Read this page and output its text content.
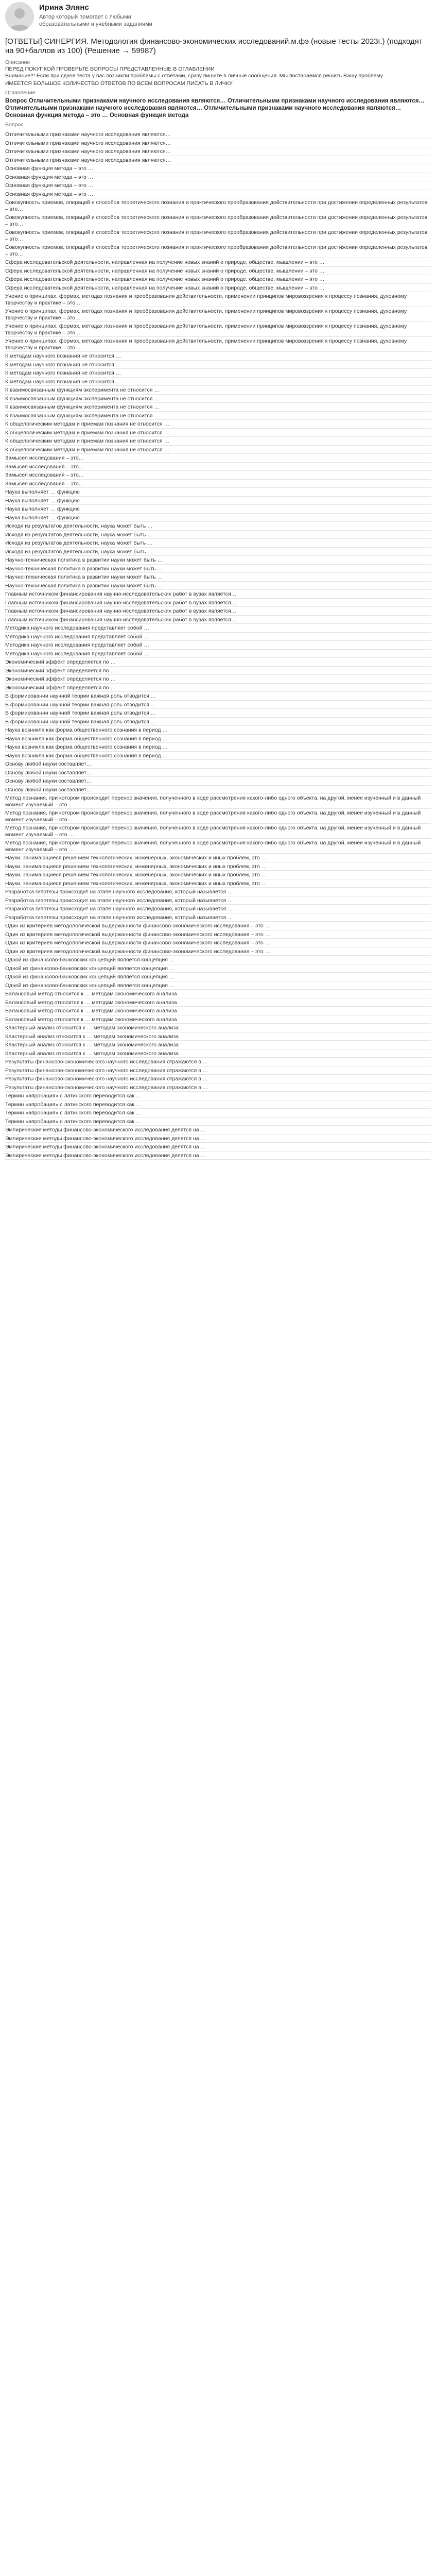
Ирина Элянс
Автор который помогает с любыми образовательными и учебными заданиями
[ОТВЕТЫ] СИНЕРГИЯ. Методология финансово-экономических исследований.м.фэ (новые тесты 2023г.) (подходят на 90+баллов из 100) (Решение → 59987)
Описание
ПЕРЕД ПОКУПКОЙ ПРОВЕРЬТЕ ВОПРОСЫ ПРЕДСТАВЛЕННЫЕ В ОГЛАВЛЕНИИ
Внимание!!! Если при сдаче теста у вас возникли проблемы с ответами, сразу пишите в личные сообщения. Мы постараемся решить Вашу проблему.
ИМЕЕТСЯ БОЛЬШОЕ КОЛИЧЕСТВО ОТВЕТОВ ПО ВСЕМ ВОПРОСАМ ПИСАТЬ В ЛИЧКУ
Оглавление
Вопрос Отличительными признаками научного исследования являются… Отличительными признаками научного исследования являются… Отличительными признаками научного исследования являются… Отличительными признаками научного исследования являются… Основная функция метода – это … Основная функция метода
Вопрос
Отличительными признаками научного исследования являются…
Отличительными признаками научного исследования являются…
Отличительными признаками научного исследования являются…
Отличительными признаками научного исследования являются…
Основная функция метода – это …
Основная функция метода – это …
Основная функция метода – это …
Основная функция метода – это …
Совокупность приемов, операций и способов теоретического познания и практического преобразования действительности при достижении определенных результатов – это…
Совокупность приемов, операций и способов теоретического познания и практического преобразования действительности при достижении определенных результатов – это…
Совокупность приемов, операций и способов теоретического познания и практического преобразования действительности при достижении определенных результатов – это…
Совокупность приемов, операций и способов теоретического познания и практического преобразования действительности при достижении определенных результатов – это…
Сфера исследовательской деятельности, направленная на получение новых знаний о природе, обществе, мышлении – это …
Сфера исследовательской деятельности, направленная на получение новых знаний о природе, обществе, мышлении – это …
Сфера исследовательской деятельности, направленная на получение новых знаний о природе, обществе, мышлении – это …
Сфера исследовательской деятельности, направленная на получение новых знаний о природе, обществе, мышлении – это …
Учение о принципах, формах, методах познания и преобразования действительности, применении принципов мировоззрения к процессу познания, духовному творчеству и практике – это …
Учение о принципах, формах, методах познания и преобразования действительности, применении принципов мировоззрения к процессу познания, духовному творчеству и практике – это …
Учение о принципах, формах, методах познания и преобразования действительности, применении принципов мировоззрения к процессу познания, духовному творчеству и практике – это …
Учение о принципах, формах, методах познания и преобразования действительности, применении принципов мировоззрения к процессу познания, духовному творчеству и практике – это …
К методам научного познания не относится …
К методам научного познания не относится …
К методам научного познания не относится …
К методам научного познания не относится …
К взаимосвязанным функциям эксперимента не относится …
К взаимосвязанным функциям эксперимента не относится …
К взаимосвязанным функциям эксперимента не относится …
К взаимосвязанным функциям эксперимента не относится …
К общелогическим методам и приемам познания не относится …
К общелогическим методам и приемам познания не относится …
К общелогическим методам и приемам познания не относится …
К общелогическим методам и приемам познания не относится …
Замысел исследования – это…
Замысел исследования – это…
Замысел исследования – это…
Замысел исследования – это…
Наука выполняет … функцию
Наука выполняет … функцию
Наука выполняет … функцию
Наука выполняет … функцию
Исходя из результатов деятельности, наука может быть …
Исходя из результатов деятельности, наука может быть …
Исходя из результатов деятельности, наука может быть …
Исходя из результатов деятельности, наука может быть …
Научно-техническая политика в развитии науки может быть …
Научно-техническая политика в развитии науки может быть …
Научно-техническая политика в развитии науки может быть …
Научно-техническая политика в развитии науки может быть …
Главным источником финансирования научно-исследовательских работ в вузах является…
Главным источником финансирования научно-исследовательских работ в вузах является…
Главным источником финансирования научно-исследовательских работ в вузах является…
Главным источником финансирования научно-исследовательских работ в вузах является…
Методика научного исследования представляет собой …
Методика научного исследования представляет собой …
Методика научного исследования представляет собой …
Методика научного исследования представляет собой …
Экономический эффект определяется по …
Экономический эффект определяется по …
Экономический эффект определяется по …
Экономический эффект определяется по …
В формировании научной теории важная роль отводится …
В формировании научной теории важная роль отводится …
В формировании научной теории важная роль отводится …
В формировании научной теории важная роль отводится …
Наука возникла как форма общественного сознания в период …
Наука возникла как форма общественного сознания в период …
Наука возникла как форма общественного сознания в период …
Наука возникла как форма общественного сознания в период …
Основу любой науки составляет…
Основу любой науки составляет…
Основу любой науки составляет…
Основу любой науки составляет…
Метод познания, при котором происходит перенос значения, полученного в ходе рассмотрения какого-либо одного объекта, на другой, менее изученный и в данный момент изучаемый – это …
Метод познания, при котором происходит перенос значения, полученного в ходе рассмотрения какого-либо одного объекта, на другой, менее изученный и в данный момент изучаемый – это …
Метод познания, при котором происходит перенос значения, полученного в ходе рассмотрения какого-либо одного объекта, на другой, менее изученный и в данный момент изучаемый – это …
Метод познания, при котором происходит перенос значения, полученного в ходе рассмотрения какого-либо одного объекта, на другой, менее изученный и в данный момент изучаемый – это …
Науки, занимающиеся решением технологических, инженерных, экономических и иных проблем, это …
Науки, занимающиеся решением технологических, инженерных, экономических и иных проблем, это …
Науки, занимающиеся решением технологических, инженерных, экономических и иных проблем, это …
Науки, занимающиеся решением технологических, инженерных, экономических и иных проблем, это …
Разработка гипотезы происходит на этапе научного исследования, который называется …
Разработка гипотезы происходит на этапе научного исследования, который называется …
Разработка гипотезы происходит на этапе научного исследования, который называется …
Разработка гипотезы происходит на этапе научного исследования, который называется …
Один из критериев методологической выдержанности финансово-экономического исследования – это …
Один из критериев методологической выдержанности финансово-экономического исследования – это …
Один из критериев методологической выдержанности финансово-экономического исследования – это …
Один из критериев методологической выдержанности финансово-экономического исследования – это …
Одной из финансово-банковских концепций является концепция …
Одной из финансово-банковских концепций является концепция …
Одной из финансово-банковских концепций является концепция …
Одной из финансово-банковских концепций является концепция …
Балансовый метод относится к … методам экономического анализа
Балансовый метод относится к … методам экономического анализа
Балансовый метод относится к … методам экономического анализа
Балансовый метод относится к … методам экономического анализа
Кластерный анализ относится к … методам экономического анализа
Кластерный анализ относится к … методам экономического анализа
Кластерный анализ относится к … методам экономического анализа
Кластерный анализ относится к … методам экономического анализа
Результаты финансово-экономического научного исследования отражаются в …
Результаты финансово-экономического научного исследования отражаются в …
Результаты финансово-экономического научного исследования отражаются в …
Результаты финансово-экономического научного исследования отражаются в …
Термин «апробация» с латинского переводится как …
Термин «апробация» с латинского переводится как …
Термин «апробация» с латинского переводится как …
Термин «апробация» с латинского переводится как …
Эмпирические методы финансово-экономического исследования делятся на …
Эмпирические методы финансово-экономического исследования делятся на …
Эмпирические методы финансово-экономического исследования делятся на …
Эмпирические методы финансово-экономического исследования делятся на …
